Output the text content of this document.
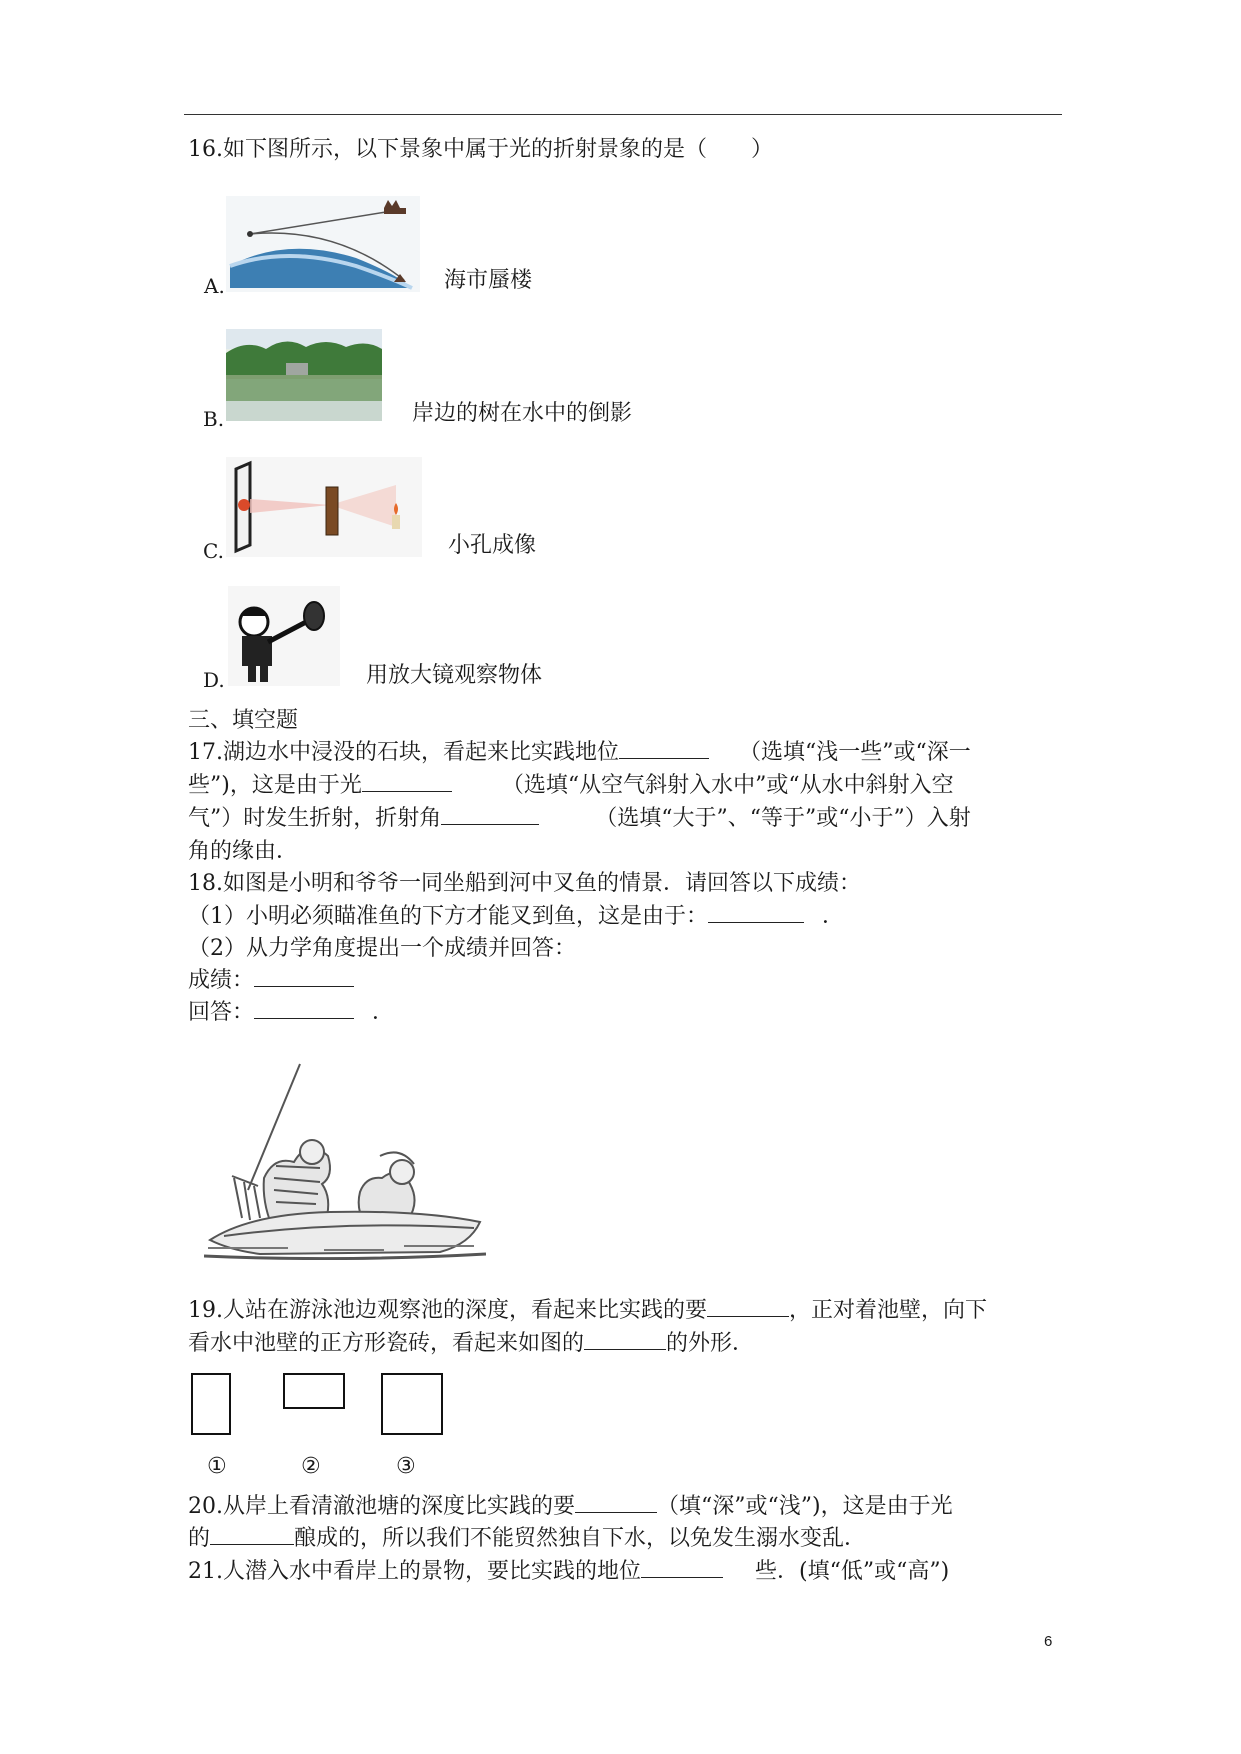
16.如下图所示，以下景象中属于光的折射景象的是（　　）
A.	海市蜃楼
B.	岸边的树在水中的倒影
C.	小孔成像
D.	用放大镜观察物体
三、填空题
17.湖边水中浸没的石块，看起来比实践地位	（选填“浅一些”或“深一
些”)，这是由于光	（选填“从空气斜射入水中”或“从水中斜射入空
气”）时发生折射，折射角	（选填“大于”、“等于”或“小于”）入射
角的缘由．
18.如图是小明和爷爷一同坐船到河中叉鱼的情景．请回答以下成绩：
（1）小明必须瞄准鱼的下方才能叉到鱼，这是由于：	．
（2）从力学角度提出一个成绩并回答：
成绩：
回答：	．
19.人站在游泳池边观察池的深度，看起来比实践的要	，正对着池壁，向下
看水中池壁的正方形瓷砖，看起来如图的	的外形．
①	②	③
20.从岸上看清澈池塘的深度比实践的要	（填“深”或“浅”)，这是由于光
的	酿成的，所以我们不能贸然独自下水，以免发生溺水变乱．
21.人潜入水中看岸上的景物，要比实践的地位	些．(填“低”或“高”)
6
